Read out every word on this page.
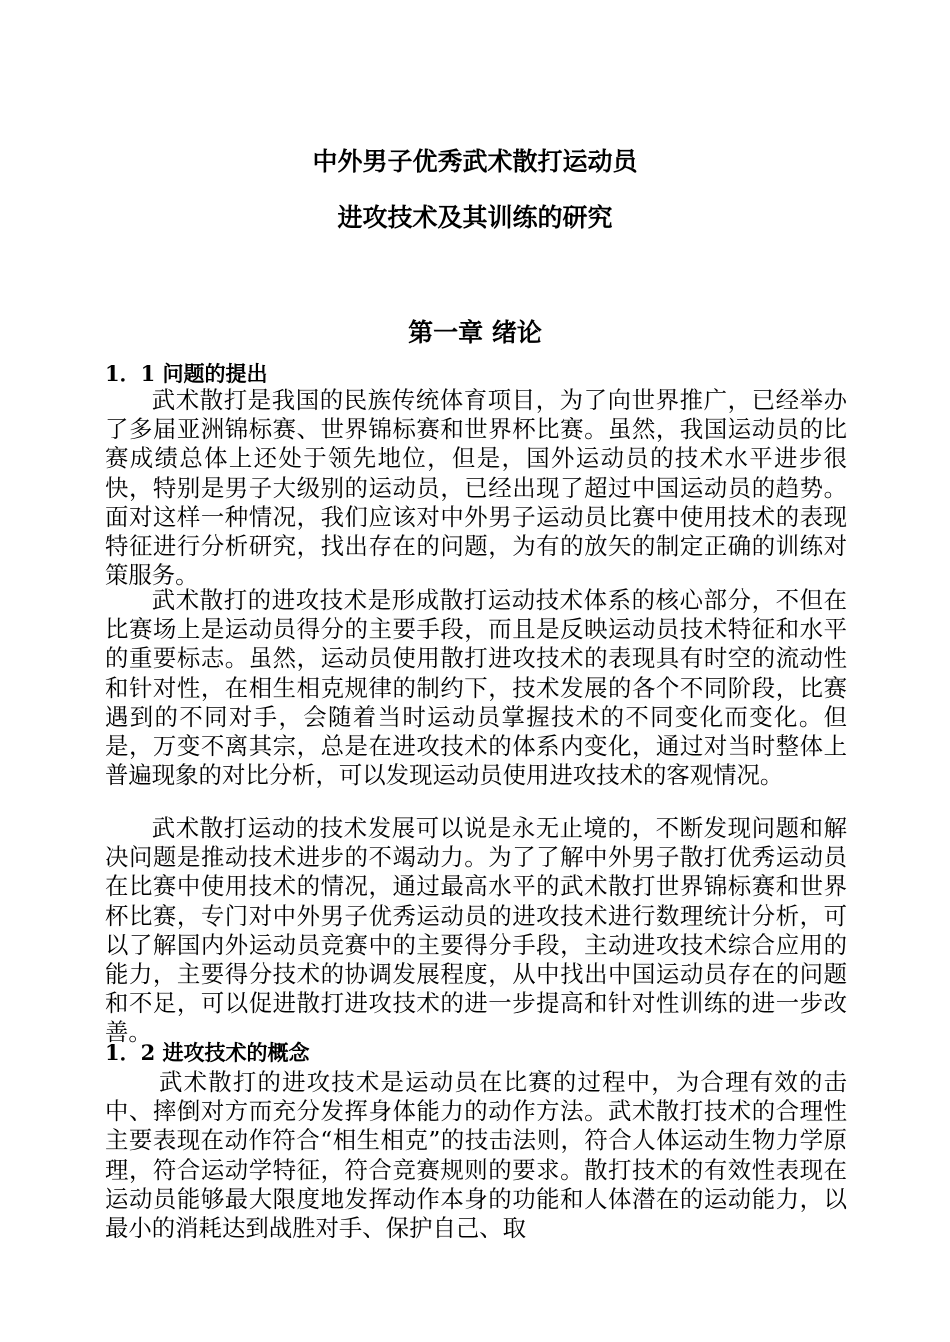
中外男子优秀武术散打运动员
进攻技术及其训练的研究
第一章 绪论
1．1 问题的提出

武术散打是我国的民族传统体育项目，为了向世界推广，已经举办了多届亚洲锦标赛、世界锦标赛和世界杯比赛。虽然，我国运动员的比赛成绩总体上还处于领先地位，但是，国外运动员的技术水平进步很快，特别是男子大级别的运动员，已经出现了超过中国运动员的趋势。面对这样一种情况，我们应该对中外男子运动员比赛中使用技术的表现特征进行分析研究，找出存在的问题，为有的放矢的制定正确的训练对策服务。

武术散打的进攻技术是形成散打运动技术体系的核心部分，不但在比赛场上是运动员得分的主要手段，而且是反映运动员技术特征和水平的重要标志。虽然，运动员使用散打进攻技术的表现具有时空的流动性和针对性，在相生相克规律的制约下，技术发展的各个不同阶段，比赛遇到的不同对手，会随着当时运动员掌握技术的不同变化而变化。但是，万变不离其宗，总是在进攻技术的体系内变化，通过对当时整体上普遍现象的对比分析，可以发现运动员使用进攻技术的客观情况。

武术散打运动的技术发展可以说是永无止境的，不断发现问题和解决问题是推动技术进步的不竭动力。为了了解中外男子散打优秀运动员在比赛中使用技术的情况，通过最高水平的武术散打世界锦标赛和世界杯比赛，专门对中外男子优秀运动员的进攻技术进行数理统计分析，可以了解国内外运动员竞赛中的主要得分手段，主动进攻技术综合应用的能力，主要得分技术的协调发展程度，从中找出中国运动员存在的问题和不足，可以促进散打进攻技术的进一步提高和针对性训练的进一步改善。

1．2 进攻技术的概念

武术散打的进攻技术是运动员在比赛的过程中，为合理有效的击中、摔倒对方而充分发挥身体能力的动作方法。武术散打技术的合理性主要表现在动作符合“相生相克”的技击法则，符合人体运动生物力学原理，符合运动学特征，符合竞赛规则的要求。散打技术的有效性表现在运动员能够最大限度地发挥动作本身的功能和人体潜在的运动能力，以最小的消耗达到战胜对手、保护自己、取
